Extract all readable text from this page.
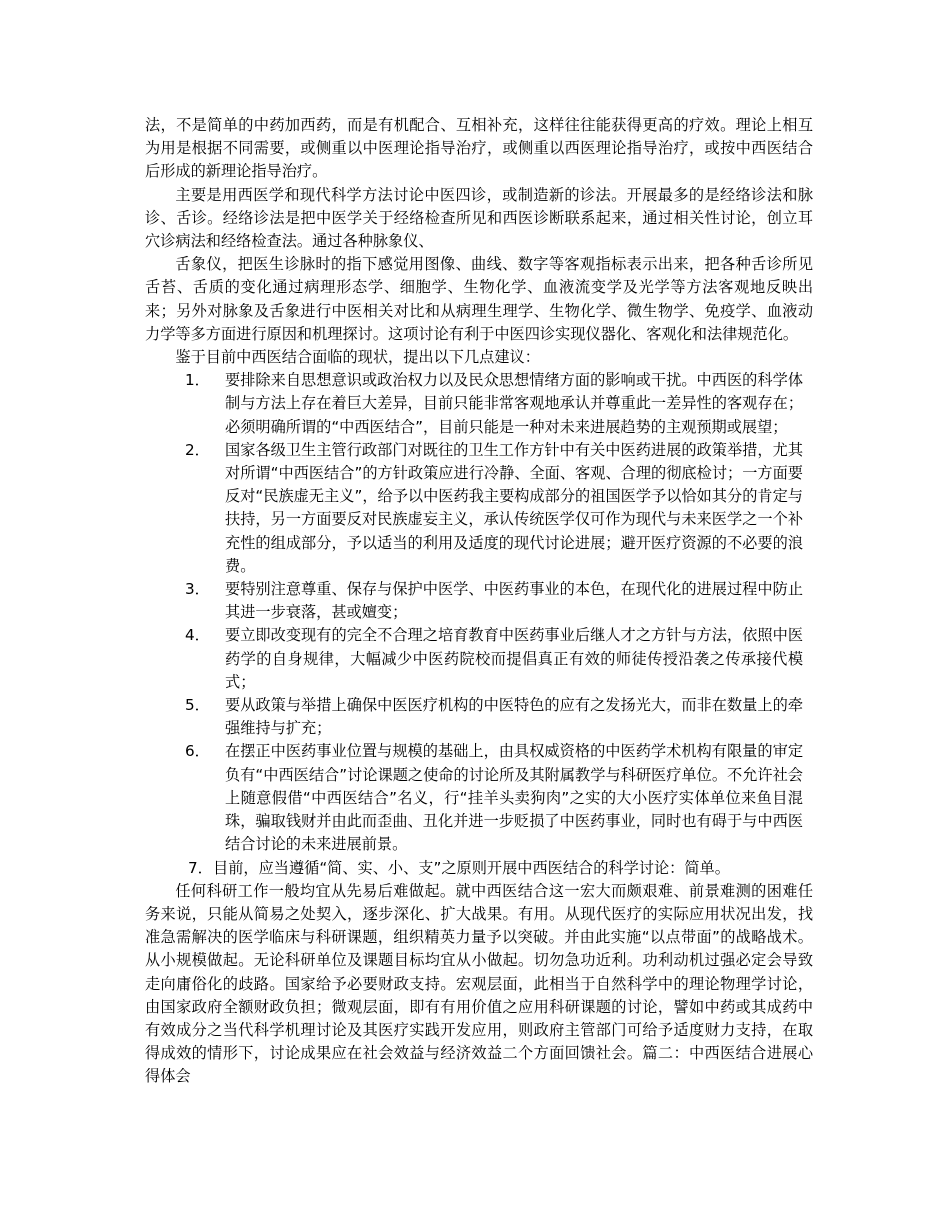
法，不是简单的中药加西药，而是有机配合、互相补充，这样往往能获得更高的疗效。理论上相互为用是根据不同需要，或侧重以中医理论指导治疗，或侧重以西医理论指导治疗，或按中西医结合后形成的新理论指导治疗。

主要是用西医学和现代科学方法讨论中医四诊，或制造新的诊法。开展最多的是经络诊法和脉诊、舌诊。经络诊法是把中医学关于经络检查所见和西医诊断联系起来，通过相关性讨论，创立耳穴诊病法和经络检查法。通过各种脉象仪、

舌象仪，把医生诊脉时的指下感觉用图像、曲线、数字等客观指标表示出来，把各种舌诊所见舌苔、舌质的变化通过病理形态学、细胞学、生物化学、血液流变学及光学等方法客观地反映出来；另外对脉象及舌象进行中医相关对比和从病理生理学、生物化学、微生物学、免疫学、血液动力学等多方面进行原因和机理探讨。这项讨论有利于中医四诊实现仪器化、客观化和法律规范化。

鉴于目前中西医结合面临的现状，提出以下几点建议：

1． 要排除来自思想意识或政治权力以及民众思想情绪方面的影响或干扰。中西医的科学体制与方法上存在着巨大差异，目前只能非常客观地承认并尊重此一差异性的客观存在；必须明确所谓的“中西医结合”，目前只能是一种对未来进展趋势的主观预期或展望；
2． 国家各级卫生主管行政部门对既往的卫生工作方针中有关中医药进展的政策举措，尤其对所谓“中西医结合”的方针政策应进行冷静、全面、客观、合理的彻底检讨；一方面要反对“民族虚无主义”，给予以中医药我主要构成部分的祖国医学予以恰如其分的肯定与扶持，另一方面要反对民族虚妄主义，承认传统医学仅可作为现代与未来医学之一个补充性的组成部分，予以适当的利用及适度的现代讨论进展；避开医疗资源的不必要的浪费。
3． 要特别注意尊重、保存与保护中医学、中医药事业的本色，在现代化的进展过程中防止其进一步衰落，甚或嬗变；
4． 要立即改变现有的完全不合理之培育教育中医药事业后继人才之方针与方法，依照中医药学的自身规律，大幅减少中医药院校而提倡真正有效的师徒传授沿袭之传承接代模式；
5． 要从政策与举措上确保中医医疗机构的中医特色的应有之发扬光大，而非在数量上的牵强维持与扩充；
6． 在摆正中医药事业位置与规模的基础上，由具权威资格的中医药学术机构有限量的审定负有“中西医结合”讨论课题之使命的讨论所及其附属教学与科研医疗单位。不允许社会上随意假借“中西医结合”名义，行“挂羊头卖狗肉”之实的大小医疗实体单位来鱼目混珠，骗取钱财并由此而歪曲、丑化并进一步贬损了中医药事业，同时也有碍于与中西医结合讨论的未来进展前景。
7． 目前，应当遵循“简、实、小、支”之原则开展中西医结合的科学讨论：简单。

任何科研工作一般均宜从先易后难做起。就中西医结合这一宏大而颇艰难、前景难测的困难任务来说，只能从简易之处契入，逐步深化、扩大战果。有用。从现代医疗的实际应用状况出发，找准急需解决的医学临床与科研课题，组织精英力量予以突破。并由此实施“以点带面”的战略战术。从小规模做起。无论科研单位及课题目标均宜从小做起。切勿急功近利。功利动机过强必定会导致走向庸俗化的歧路。国家给予必要财政支持。宏观层面，此相当于自然科学中的理论物理学讨论，由国家政府全额财政负担；微观层面，即有有用价值之应用科研课题的讨论，譬如中药或其成药中有效成分之当代科学机理讨论及其医疗实践开发应用，则政府主管部门可给予适度财力支持，在取得成效的情形下，讨论成果应在社会效益与经济效益二个方面回馈社会。篇二：中西医结合进展心得体会
